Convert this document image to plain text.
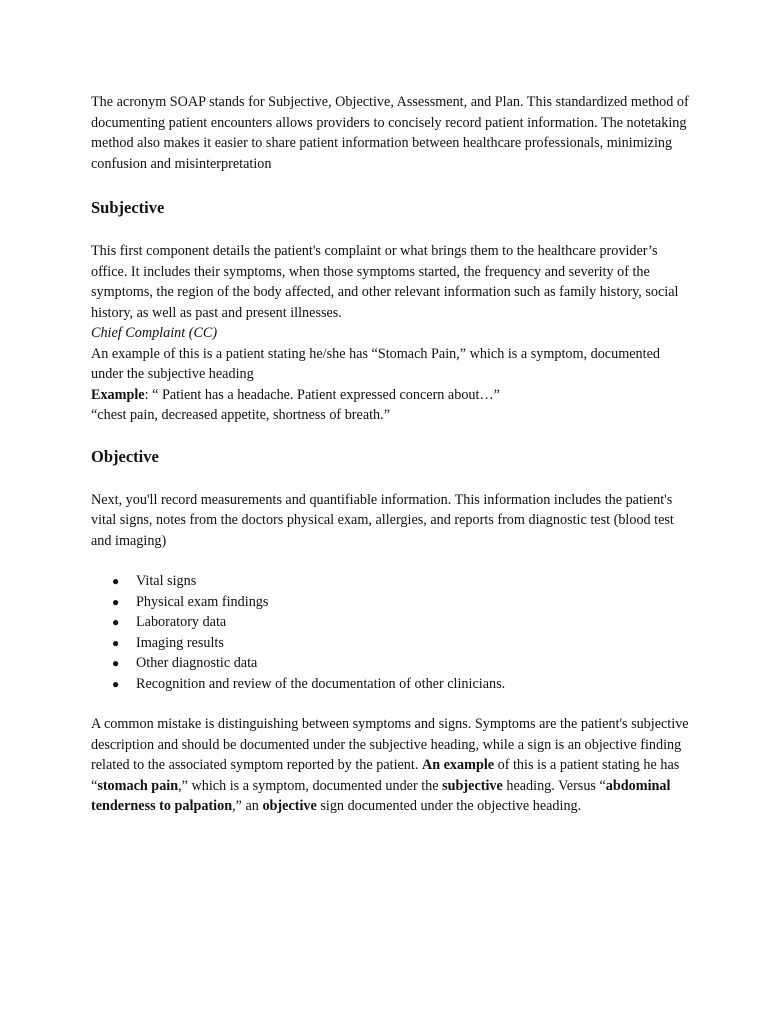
The acronym SOAP stands for Subjective, Objective, Assessment, and Plan. This standardized method of documenting patient encounters allows providers to concisely record patient information. The notetaking method also makes it easier to share patient information between healthcare professionals, minimizing confusion and misinterpretation

Subjective

This first component details the patient's complaint or what brings them to the healthcare provider’s office. It includes their symptoms, when those symptoms started, the frequency and severity of the symptoms, the region of the body affected, and other relevant information such as family history, social history, as well as past and present illnesses.

Chief Complaint (CC)

An example of this is a patient stating he/she has “Stomach Pain,” which is a symptom, documented under the subjective heading

Example: “ Patient has a headache. Patient expressed concern about…”

“chest pain, decreased appetite, shortness of breath.”

Objective

Next, you'll record measurements and quantifiable information. This information includes the patient's vital signs, notes from the doctors physical exam, allergies, and reports from diagnostic test (blood test and imaging)

● Vital signs
● Physical exam findings
● Laboratory data
● Imaging results
● Other diagnostic data
● Recognition and review of the documentation of other clinicians.

A common mistake is distinguishing between symptoms and signs. Symptoms are the patient's subjective description and should be documented under the subjective heading, while a sign is an objective finding related to the associated symptom reported by the patient. An example of this is a patient stating he has “stomach pain,” which is a symptom, documented under the subjective heading. Versus “abdominal tenderness to palpation,” an objective sign documented under the objective heading.
